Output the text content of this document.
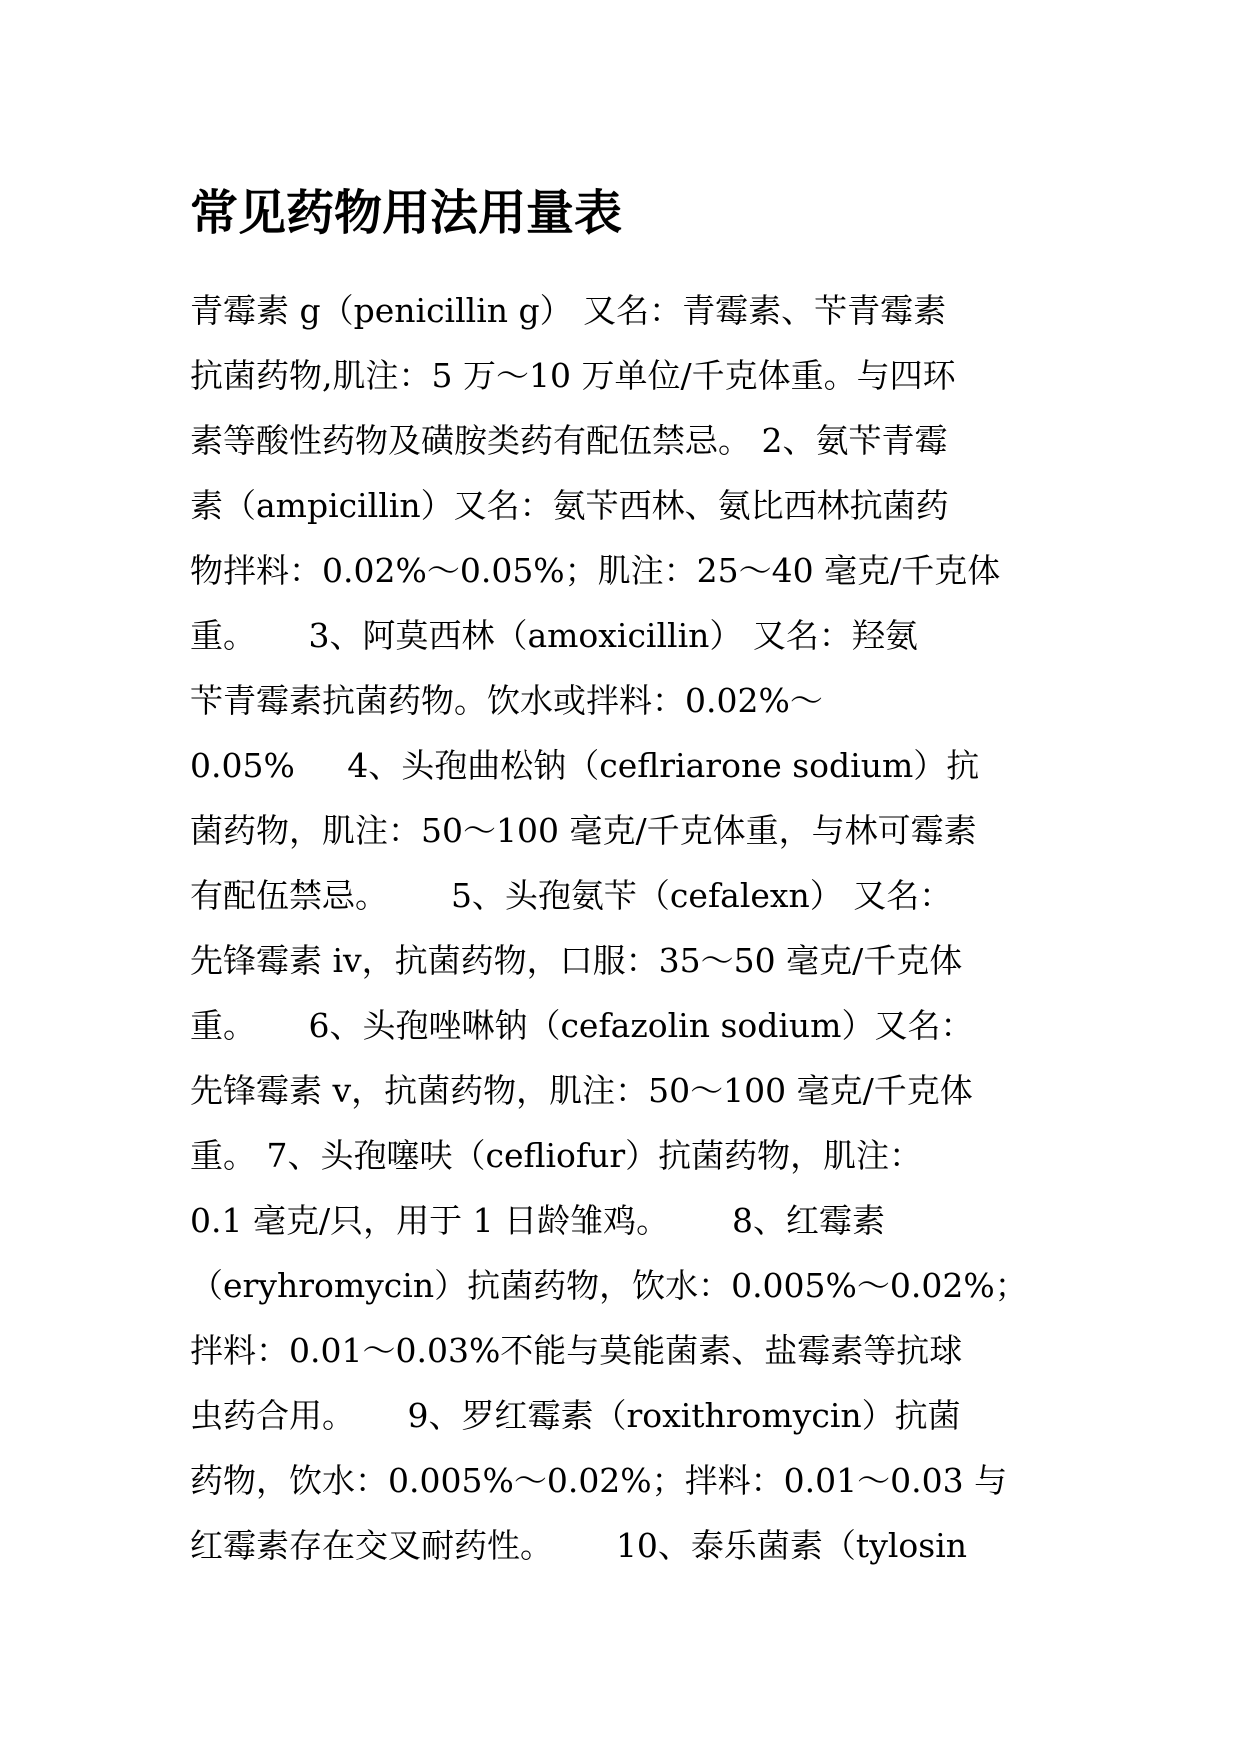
常见药物用法用量表
青霉素 g（penicillin g） 又名：青霉素、苄青霉素
抗菌药物,肌注：5 万～10 万单位/千克体重。与四环
素等酸性药物及磺胺类药有配伍禁忌。 2、氨苄青霉
素（ampicillin）又名：氨苄西林、氨比西林抗菌药
物拌料：0.02%～0.05%；肌注：25～40 毫克/千克体
重。     3、阿莫西林（amoxicillin） 又名：羟氨
苄青霉素抗菌药物。饮水或拌料：0.02%～
0.05%     4、头孢曲松钠（ceflriarone sodium）抗
菌药物，肌注：50～100 毫克/千克体重，与林可霉素
有配伍禁忌。      5、头孢氨苄（cefalexn） 又名：
先锋霉素 iv，抗菌药物，口服：35～50 毫克/千克体
重。     6、头孢唑啉钠（cefazolin sodium）又名：
先锋霉素 v，抗菌药物，肌注：50～100 毫克/千克体
重。 7、头孢噻呋（cefliofur）抗菌药物，肌注：
0.1 毫克/只，用于 1 日龄雏鸡。      8、红霉素
（eryhromycin）抗菌药物，饮水：0.005%～0.02%；
拌料：0.01～0.03%不能与莫能菌素、盐霉素等抗球
虫药合用。     9、罗红霉素（roxithromycin）抗菌
药物，饮水：0.005%～0.02%；拌料：0.01～0.03 与
红霉素存在交叉耐药性。      10、泰乐菌素（tylosin
